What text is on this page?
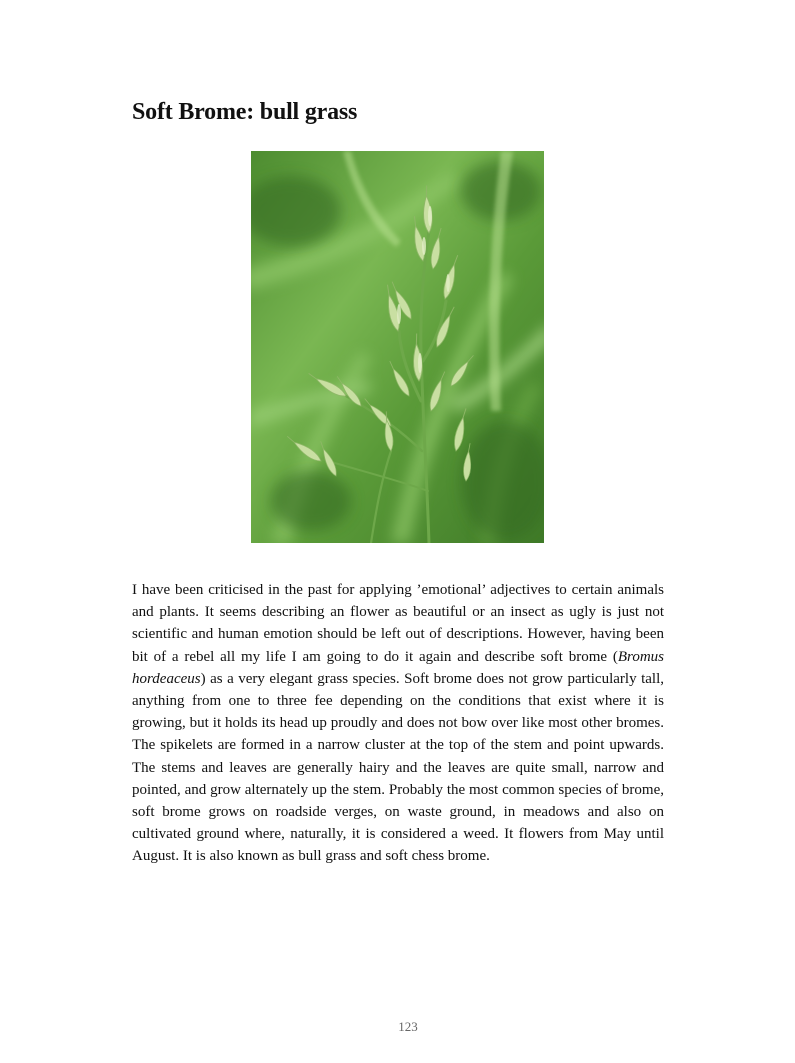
Soft Brome: bull grass

I have been criticised in the past for applying ’emotional’ adjectives to certain animals and plants. It seems describing an flower as beautiful or an insect as ugly is just not scientific and human emotion should be left out of descriptions. However, having been bit of a rebel all my life I am going to do it again and describe soft brome (Bromus hordeaceus) as a very elegant grass species. Soft brome does not grow particularly tall, anything from one to three fee depending on the conditions that exist where it is growing, but it holds its head up proudly and does not bow over like most other bromes. The spikelets are formed in a narrow cluster at the top of the stem and point upwards. The stems and leaves are generally hairy and the leaves are quite small, narrow and pointed, and grow alternately up the stem. Probably the most common species of brome, soft brome grows on roadside verges, on waste ground, in meadows and also on cultivated ground where, naturally, it is considered a weed. It flowers from May until August. It is also known as bull grass and soft chess brome.

123
